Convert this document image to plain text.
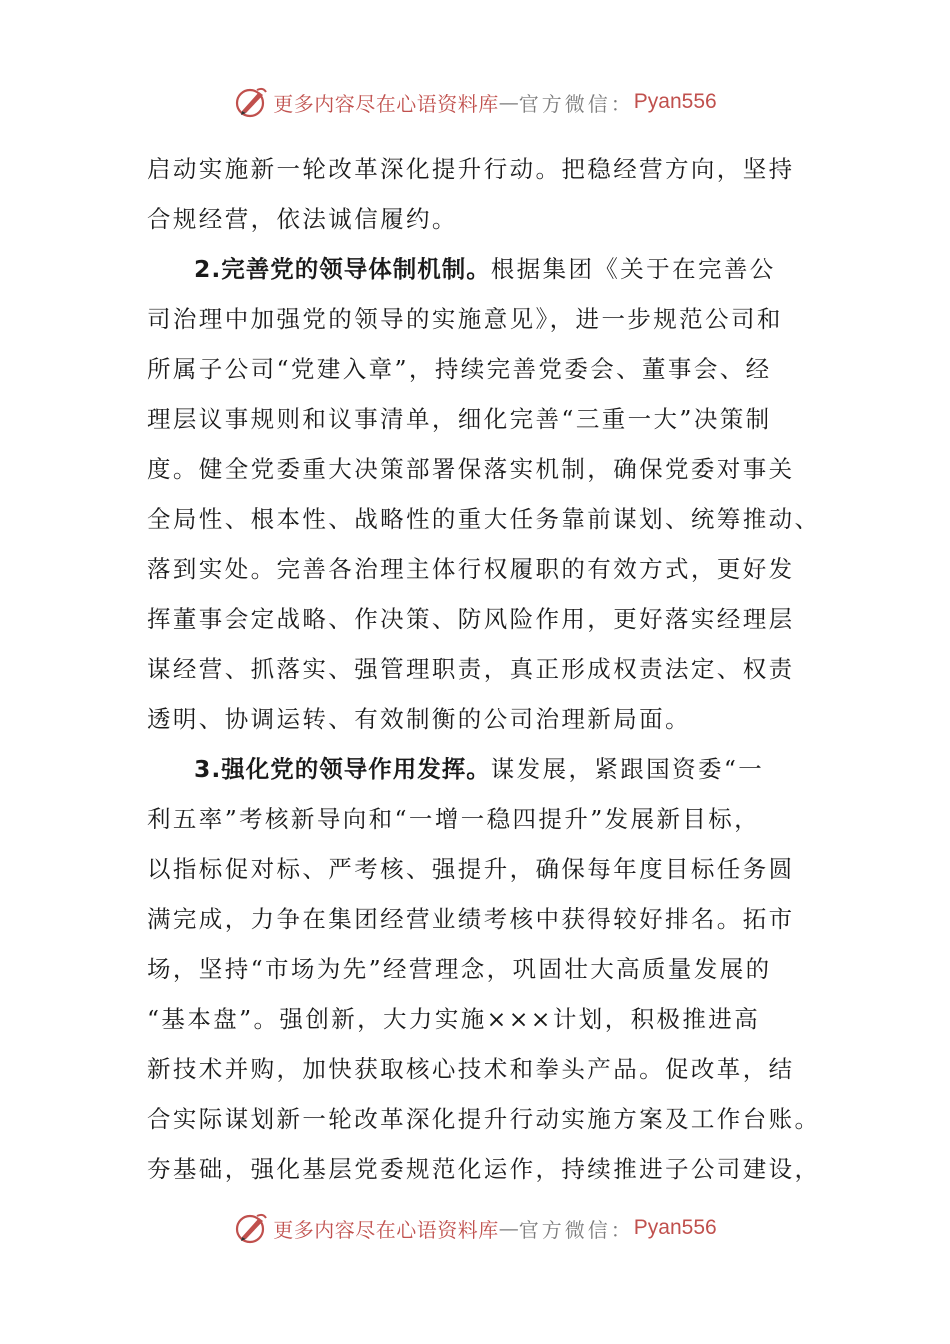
更多内容尽在心语资料库 — 官方微信： Pyan556
启动实施新一轮改革深化提升行动。把稳经营方向，坚持
合规经营，依法诚信履约。
2.完善党的领导体制机制。根据集团《关于在完善公
司治理中加强党的领导的实施意见》，进一步规范公司和
所属子公司“党建入章”，持续完善党委会、董事会、经
理层议事规则和议事清单，细化完善“三重一大”决策制
度。健全党委重大决策部署保落实机制，确保党委对事关
全局性、根本性、战略性的重大任务靠前谋划、统筹推动、
落到实处。完善各治理主体行权履职的有效方式，更好发
挥董事会定战略、作决策、防风险作用，更好落实经理层
谋经营、抓落实、强管理职责，真正形成权责法定、权责
透明、协调运转、有效制衡的公司治理新局面。
3.强化党的领导作用发挥。谋发展，紧跟国资委“一
利五率”考核新导向和“一增一稳四提升”发展新目标，
以指标促对标、严考核、强提升，确保每年度目标任务圆
满完成，力争在集团经营业绩考核中获得较好排名。拓市
场，坚持“市场为先”经营理念，巩固壮大高质量发展的
“基本盘”。强创新，大力实施×××计划，积极推进高
新技术并购，加快获取核心技术和拳头产品。促改革，结
合实际谋划新一轮改革深化提升行动实施方案及工作台账。
夯基础，强化基层党委规范化运作，持续推进子公司建设，
更多内容尽在心语资料库 — 官方微信： Pyan556
